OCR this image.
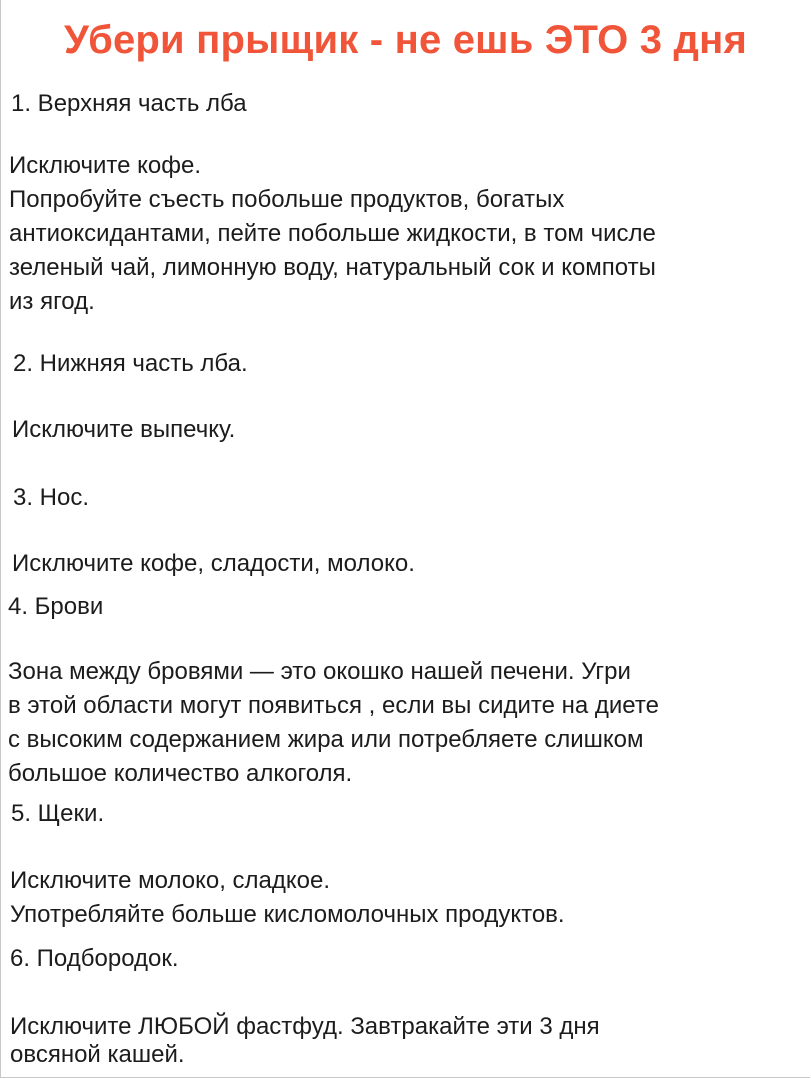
Убери прыщик - не ешь ЭТО 3 дня
1. Верхняя часть лба
Исключите кофе.
Попробуйте съесть побольше продуктов, богатых
антиоксидантами, пейте побольше жидкости, в том числе
зеленый чай, лимонную воду, натуральный сок и компоты
из ягод.
2. Нижняя часть лба.
Исключите выпечку.
3. Нос.
Исключите кофе, сладости, молоко.
4. Брови
Зона между бровями — это окошко нашей печени. Угри
в этой области могут появиться , если вы сидите на диете
с высоким содержанием жира или потребляете слишком
большое количество алкоголя.
5. Щеки.
Исключите молоко, сладкое.
Употребляйте больше кисломолочных продуктов.
6. Подбородок.
Исключите ЛЮБОЙ фастфуд. Завтракайте эти 3 дня
овсяной кашей.
